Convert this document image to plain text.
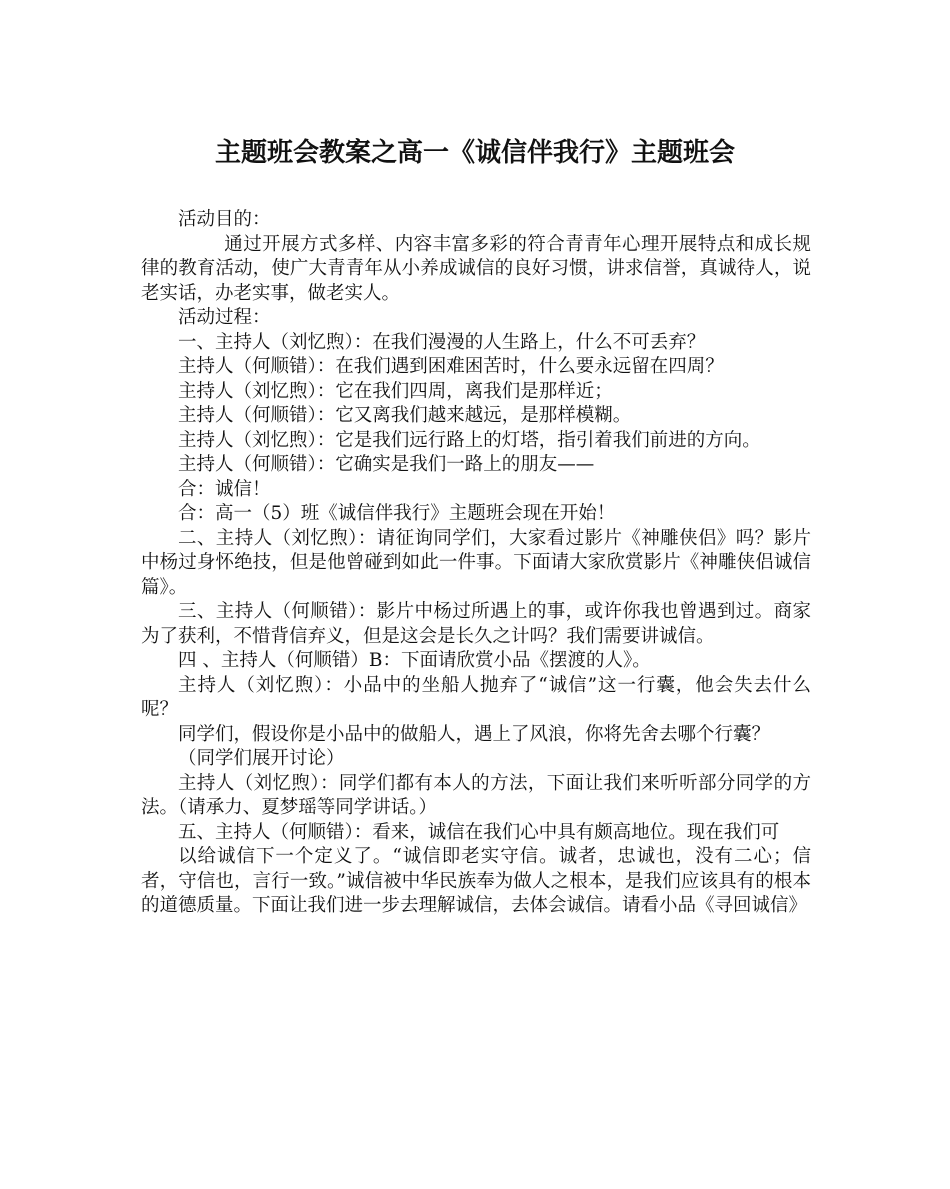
主题班会教案之高一《诚信伴我行》主题班会

活动目的：

通过开展方式多样、内容丰富多彩的符合青青年心理开展特点和成长规律的教育活动，使广大青青年从小养成诚信的良好习惯，讲求信誉，真诚待人，说老实话，办老实事，做老实人。

活动过程：

一、主持人（刘忆煦）：在我们漫漫的人生路上，什么不可丢弃？

主持人（何顺错）：在我们遇到困难困苦时，什么要永远留在四周？

主持人（刘忆煦）：它在我们四周，离我们是那样近；

主持人（何顺错）：它又离我们越来越远，是那样模糊。

主持人（刘忆煦）：它是我们远行路上的灯塔，指引着我们前进的方向。

主持人（何顺错）：它确实是我们一路上的朋友——

合：诚信！

合：高一（5）班《诚信伴我行》主题班会现在开始！

二、主持人（刘忆煦）：请征询同学们，大家看过影片《神雕侠侣》吗？影片中杨过身怀绝技，但是他曾碰到如此一件事。下面请大家欣赏影片《神雕侠侣诚信篇》。

三、主持人（何顺错）：影片中杨过所遇上的事，或许你我也曾遇到过。商家为了获利，不惜背信弃义，但是这会是长久之计吗？我们需要讲诚信。

四 、主持人（何顺错）B：下面请欣赏小品《摆渡的人》。

主持人（刘忆煦）：小品中的坐船人抛弃了“诚信”这一行囊，他会失去什么呢？

同学们，假设你是小品中的做船人，遇上了风浪，你将先舍去哪个行囊？

（同学们展开讨论）

主持人（刘忆煦）：同学们都有本人的方法，下面让我们来听听部分同学的方法。（请承力、夏梦瑶等同学讲话。）

五、主持人（何顺错）：看来，诚信在我们心中具有颇高地位。现在我们可

以给诚信下一个定义了。“诚信即老实守信。诚者，忠诚也，没有二心；信者，守信也，言行一致。”诚信被中华民族奉为做人之根本，是我们应该具有的根本的道德质量。下面让我们进一步去理解诚信，去体会诚信。请看小品《寻回诚信》
